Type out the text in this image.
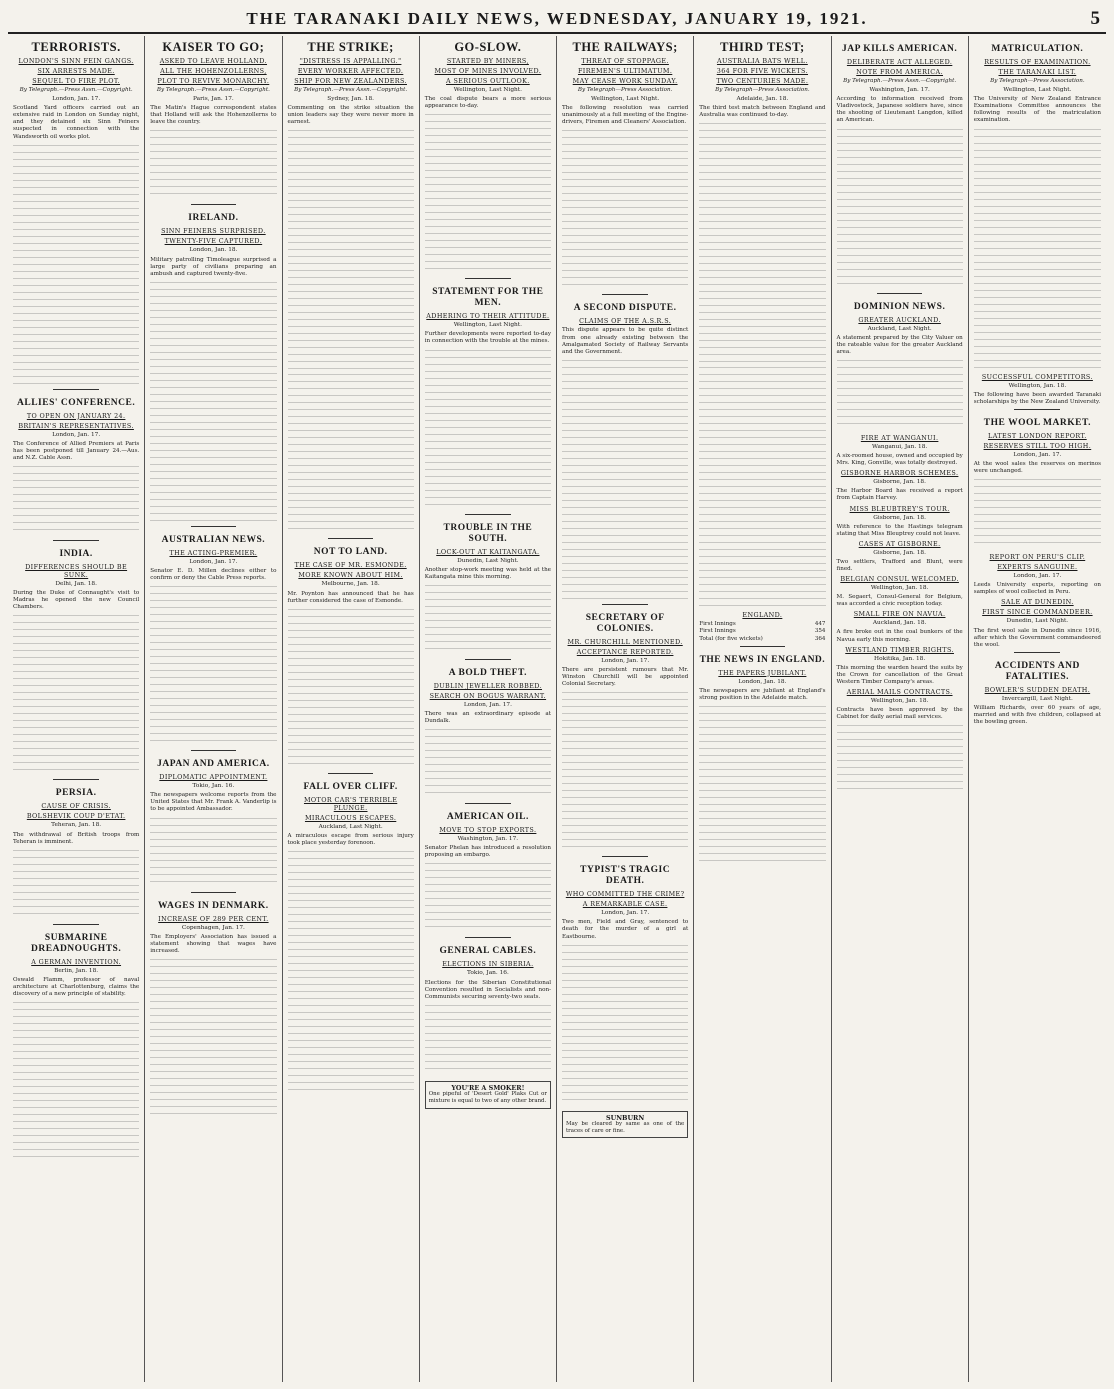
THE TARANAKI DAILY NEWS, WEDNESDAY, JANUARY 19, 1921.	5
TERRORISTS.
LONDON'S SINN FEIN GANGS.
SIX ARRESTS MADE.
SEQUEL TO FIRE PLOT.
By Telegraph.—Press Assn.—Copyright.
London, Jan. 17.

Scotland Yard officers carried out an extensive raid in London on Sunday night, and they detained six Sinn Feiners suspected in connection with the Wandsworth oil works plot.

ALLIES' CONFERENCE.
TO OPEN ON JANUARY 24.
BRITAIN'S REPRESENTATIVES.
London, Jan. 17.

The Conference of Allied Premiers at Paris has been postponed till January 24.—Aus. and N.Z. Cable Assn.

INDIA.
DIFFERENCES SHOULD BE SUNK.
Delhi, Jan. 18.

During the Duke of Connaught's visit to Madras he opened the new Council Chambers.

PERSIA.
CAUSE OF CRISIS.
BOLSHEVIK COUP D'ETAT.
Teheran, Jan. 18.

The withdrawal of British troops from Teheran is imminent.

SUBMARINE DREADNOUGHTS.
A GERMAN INVENTION.
Berlin, Jan. 18.

Oswald Flamm, professor of naval architecture at Charlottenburg, claims the discovery of a new principle of stability.

KAISER TO GO;
ASKED TO LEAVE HOLLAND.
ALL THE HOHENZOLLERNS,
PLOT TO REVIVE MONARCHY.
By Telegraph.—Press Assn.—Copyright.
Paris, Jan. 17.

The Matin's Hague correspondent states that Holland will ask the Hohenzollerns to leave the country.

IRELAND.
SINN FEINERS SURPRISED.
TWENTY-FIVE CAPTURED.
London, Jan. 18.

Military patrolling Timoleague surprised a large party of civilians preparing an ambush and captured twenty-five.

AUSTRALIAN NEWS.
THE ACTING-PREMIER.
London, Jan. 17.

Senator E. D. Millen declines either to confirm or deny the Cable Press reports.

JAPAN AND AMERICA.
DIPLOMATIC APPOINTMENT.
Tokio, Jan. 16.

The newspapers welcome reports from the United States that Mr. Frank A. Vanderlip is to be appointed Ambassador.

WAGES IN DENMARK.
INCREASE OF 289 PER CENT.
Copenhagen, Jan. 17.

The Employers' Association has issued a statement showing that wages have increased.

THE STRIKE;
"DISTRESS IS APPALLING."
EVERY WORKER AFFECTED.
SHIP FOR NEW ZEALANDERS.
By Telegraph.—Press Assn.—Copyright.
Sydney, Jan. 18.

Commenting on the strike situation the union leaders say they were never more in earnest.

NOT TO LAND.
THE CASE OF MR. ESMONDE.
MORE KNOWN ABOUT HIM.
Melbourne, Jan. 18.

Mr. Poynton has announced that he has further considered the case of Esmonde.

FALL OVER CLIFF.
MOTOR CAR'S TERRIBLE PLUNGE.
MIRACULOUS ESCAPES.
Auckland, Last Night.

A miraculous escape from serious injury took place yesterday forenoon.

GO-SLOW.
STARTED BY MINERS,
MOST OF MINES INVOLVED.
A SERIOUS OUTLOOK.
Wellington, Last Night.

The coal dispute bears a more serious appearance to-day.

STATEMENT FOR THE MEN.
ADHERING TO THEIR ATTITUDE.
Wellington, Last Night.

Further developments were reported to-day in connection with the trouble at the mines.

TROUBLE IN THE SOUTH.
LOCK-OUT AT KAITANGATA.
Dunedin, Last Night.

Another stop-work meeting was held at the Kaitangata mine this morning.

A BOLD THEFT.
DUBLIN JEWELLER ROBBED.
SEARCH ON BOGUS WARRANT.
London, Jan. 17.

There was an extraordinary episode at Dundalk.

AMERICAN OIL.
MOVE TO STOP EXPORTS.
Washington, Jan. 17.

Senator Phelan has introduced a resolution proposing an embargo.

GENERAL CABLES.
ELECTIONS IN SIBERIA.
Tokio, Jan. 16.

Elections for the Siberian Constitutional Convention resulted in Socialists and non-Communists securing seventy-two seats.

YOU'RE A SMOKER!
One pipeful of 'Desert Gold' Plaks Cut or mixture is equal to two of any other brand.
THE RAILWAYS;
THREAT OF STOPPAGE.
FIREMEN'S ULTIMATUM.
MAY CEASE WORK SUNDAY.
By Telegraph—Press Association.
Wellington, Last Night.

The following resolution was carried unanimously at a full meeting of the Engine-drivers, Firemen and Cleaners' Association.

A SECOND DISPUTE.
CLAIMS OF THE A.S.R.S.

This dispute appears to be quite distinct from one already existing between the Amalgamated Society of Railway Servants and the Government.

SECRETARY OF COLONIES.
MR. CHURCHILL MENTIONED.
ACCEPTANCE REPORTED.
London, Jan. 17.

There are persistent rumours that Mr. Winston Churchill will be appointed Colonial Secretary.

TYPIST'S TRAGIC DEATH.
WHO COMMITTED THE CRIME?
A REMARKABLE CASE.
London, Jan. 17.

Two men, Field and Gray, sentenced to death for the murder of a girl at Eastbourne.

SUNBURN
May be cleared by same as one of the traces of care or fine.
THIRD TEST;
AUSTRALIA BATS WELL.
364 FOR FIVE WICKETS.
TWO CENTURIES MADE.
By Telegraph—Press Association.
Adelaide, Jan. 18.

The third test match between England and Australia was continued to-day.

ENGLAND.
First Innings	447
First Innings	354
Total (for five wickets)	364
THE NEWS IN ENGLAND.
THE PAPERS JUBILANT.
London, Jan. 18.

The newspapers are jubilant at England's strong position in the Adelaide match.

JAP KILLS AMERICAN.
DELIBERATE ACT ALLEGED.
NOTE FROM AMERICA.
By Telegraph.—Press Assn.—Copyright.
Washington, Jan. 17.

According to information received from Vladivostock, Japanese soldiers have, since the shooting of Lieutenant Langdon, killed an American.

DOMINION NEWS.
GREATER AUCKLAND.
Auckland, Last Night.

A statement prepared by the City Valuer on the rateable value for the greater Auckland area.

FIRE AT WANGANUI.
Wanganui, Jan. 18.

A six-roomed house, owned and occupied by Mrs. King, Gonville, was totally destroyed.

GISBORNE HARBOR SCHEMES.
Gisborne, Jan. 18.

The Harbor Board has received a report from Captain Harvey.

MISS BLEUBTREY'S TOUR.
Gisborne, Jan. 18.

With reference to the Hastings telegram stating that Miss Bleuptrey could not leave.

CASES AT GISBORNE.
Gisborne, Jan. 18.

Two settlers, Trafford and Blunt, were fined.

BELGIAN CONSUL WELCOMED.
Wellington, Jan. 18.

M. Segaert, Consul-General for Belgium, was accorded a civic reception today.

SMALL FIRE ON NAVUA.
Auckland, Jan. 18.

A fire broke out in the coal bunkers of the Navua early this morning.

WESTLAND TIMBER RIGHTS.
Hokitika, Jan. 18.

This morning the warden heard the suits by the Crown for cancellation of the Great Western Timber Company's areas.

AERIAL MAILS CONTRACTS.
Wellington, Jan. 18.

Contracts have been approved by the Cabinet for daily aerial mail services.

MATRICULATION.
RESULTS OF EXAMINATION.
THE TARANAKI LIST.
By Telegraph—Press Association.
Wellington, Last Night.

The University of New Zealand Entrance Examinations Committee announces the following results of the matriculation examination.

SUCCESSFUL COMPETITORS.
Wellington, Jan. 18.

The following have been awarded Taranaki scholarships by the New Zealand University.

THE WOOL MARKET.
LATEST LONDON REPORT.
RESERVES STILL TOO HIGH.
London, Jan. 17.

At the wool sales the reserves on merinos were unchanged.

REPORT ON PERU'S CLIP.
EXPERTS SANGUINE.
London, Jan. 17.

Leeds University experts, reporting on samples of wool collected in Peru.

SALE AT DUNEDIN.
FIRST SINCE COMMANDEER.
Dunedin, Last Night.

The first wool sale in Dunedin since 1916, after which the Government commandeered the wool.

ACCIDENTS AND FATALITIES.
BOWLER'S SUDDEN DEATH.
Invercargill, Last Night.

William Richards, over 60 years of age, married and with five children, collapsed at the bowling green.
